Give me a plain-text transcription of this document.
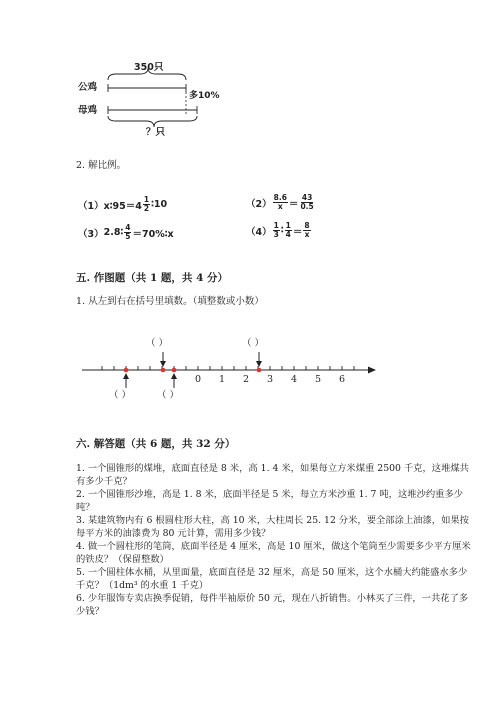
350只
公鸡
母鸡
多10%
？只
2. 解比例。
（1） x∶95＝4 $\frac{1}{2}$ ∶10	$(2) \frac{8.6}{x} = \frac{43}{0.5}$
（3） 2.8∶ $\frac{4}{5}$ ＝70%∶x	$(4) \frac{1}{3}$ ∶ $\frac{1}{4} = \frac{8}{x}$
五. 作图题（共 1 题，共 4 分）
1. 从左到右在括号里填数。（填整数或小数）
（ ）	（ ）
（ ）	（ ）
0 1 2 3 4 5 6
六. 解答题（共 6 题，共 32 分）
1. 一个圆锥形的煤堆，底面直径是 8 米，高 1. 4 米，如果每立方米煤重 2500 千克，这堆煤共有多少千克？
2. 一个圆锥形沙堆，高是 1. 8 米，底面半径是 5 米，每立方米沙重 1. 7 吨，这堆沙约重多少吨？
3. 某建筑物内有 6 根圆柱形大柱，高 10 米，大柱周长 25. 12 分米，要全部涂上油漆，如果按每平方米的油漆费为 80 元计算，需用多少钱？
4. 做一个圆柱形的笔筒，底面半径是 4 厘米，高是 10 厘米，做这个笔筒至少需要多少平方厘米的铁皮？（保留整数）
5. 一个圆柱体水桶，从里面量，底面直径是 32 厘米，高是 50 厘米，这个水桶大约能盛水多少千克？（1dm³ 的水重 1 千克）
6. 少年服饰专卖店换季促销，每件半袖原价 50 元，现在八折销售。小林买了三件，一共花了多少钱？
